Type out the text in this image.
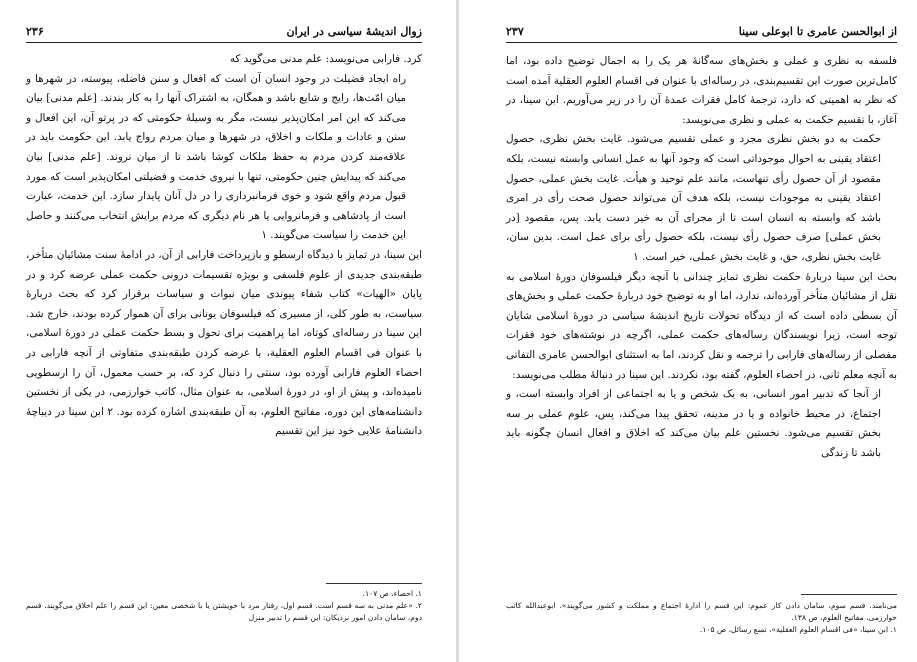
زوال اندیشهٔ سیاسی در ایران
۲۳۶

کرد. فارابی می‌نویسد: علم مدنی می‌گوید که

راه ایجاد فضیلت در وجود انسان آن است که افعال و سنن فاضله، پیوسته، در شهرها و میان امّت‌ها، رایج و شایع باشد و همگان، به اشتراک آنها را به کار بندند. [علم مدنی] بیان می‌کند که این امر امکان‌پذیر نیست، مگر به وسیلهٔ حکومتی که در پرتو آن، این افعال و سنن و عادات و ملکات و اخلاق، در شهرها و میان مردم رواج یابد. این حکومت باید در علاقه‌مند کردن مردم به حفظ ملکات کوشا باشد تا از میان نروند. [علم مدنی] بیان می‌کند که پیدایش چنین حکومتی، تنها با نیروی خدمت و فضیلتی امکان‌پذیر است که مورد قبول مردم واقع شود و خوی فرمانبرداری را در دل آنان پایدار سازد. این خدمت، عبارت است از پادشاهی و فرمانروایی یا هر نام دیگری که مردم برایش انتخاب می‌کنند و حاصل این خدمت را سیاست می‌گویند. ۱

این سینا، در تمایز با دیدگاه ارسطو و بازپرداخت فارابی از آن، در ادامهٔ سنت مشائیان متأخر، طبقه‌بندی جدیدی از علوم فلسفی و بویژه تقسیمات درونی حکمت عملی عرضه کرد و در پایان «الهیات» کتاب شفاء پیوندی میان نبوات و سیاسات برقرار کرد که بحث دربارهٔ سیاست، به طور کلی، از مسیری که فیلسوفان یونانی برای آن هموار کرده بودند، خارج شد. این سینا در رساله‌ای کوتاه، اما پراهمیت برای تحول و بسط حکمت عملی در دورهٔ اسلامی، با عنوان فی اقسام العلوم العقلیة، با عرضه کردن طبقه‌بندی متفاوتی از آنچه فارابی در احصاء العلوم فارابی آورده بود، سنتی را دنبال کرد که، بر حسب معمول، آن را ارسطویی نامیده‌اند، و پیش از او، در دورهٔ اسلامی، به عنوان مثال، کاتب خوارزمی، در یکی از نخستین دانشنامه‌های این دوره، مفاتیح العلوم، به آن طبقه‌بندی اشاره کرده بود. ۲ ابن سینا در دیباچهٔ دانشنامهٔ علایی خود نیز این تقسیم

۱. احصاء، ص ۱۰۷.
۲. «علم مدنی به سه قسم است. قسم اول، رفتار مرد با خویشتن یا با شخصی معین: این قسم را علم اخلاق می‌گویند. قسم دوم، سامان دادن امور نزدیکان: این قسم را تدبیر منزل
از ابوالحسن عامری تا ابوعلی سینا
۲۳۷

فلسفه به نظری و عملی و بخش‌های سه‌گانهٔ هر یک را به اجمال توضیح داده بود، اما کامل‌ترین صورت این تقسیم‌بندی، در رساله‌ای با عنوان فی اقسام العلوم العقلیة آمده است که نظر به اهمیتی که دارد، ترجمهٔ کامل فقرات عمدهٔ آن را در زیر می‌آوریم. ابن سینا، در آغاز، با تقسیم حکمت به عملی و نظری می‌نویسد:

حکمت به دو بخش نظری مجرد و عملی تقسیم می‌شود. غایت بخش نظری، حصول اعتقاد یقینی به احوال موجوداتی است که وجود آنها به عمل انسانی وابسته نیست، بلکه مقصود از آن حصول رأی تنهاست، مانند علم توحید و هیأت. غایت بخش عملی، حصول اعتقاد یقینی به موجودات نیست، بلکه هدف آن می‌تواند حصول صحت رأی در امری باشد که وابسته به انسان است تا از مجرای آن به خیر دست یابد. پس، مقصود [در بخش عملی] صرف حصول رأی نیست، بلکه حصول رأی برای عمل است. بدین سان، غایت بخش نظری، حق، و غایت بخش عملی، خیر است. ۱

بحث ابن سینا دربارهٔ حکمت نظری تمایز چندانی با آنچه دیگر فیلسوفان دورهٔ اسلامی به نقل از مشائیان متأخر آورده‌اند، ندارد، اما او به توضیح خود دربارهٔ حکمت عملی و بخش‌های آن بسطی داده است که از دیدگاه تحولات تاریخ اندیشهٔ سیاسی در دورهٔ اسلامی شایان توجه است، زیرا نویسندگان رساله‌های حکمت عملی، اگرچه در نوشته‌های خود فقرات مفصلی از رساله‌های فارابی را ترجمه و نقل کردند، اما به استثنای ابوالحسن عامری التفاتی به آنچه معلم ثانی، در احصاء العلوم، گفته بود، نکردند. این سینا در دنبالهٔ مطلب می‌نویسد:

از آنجا که تدبیر امور انسانی، به یک شخص و یا به اجتماعی از افراد وابسته است، و اجتماع، در محیط خانواده و یا در مدینه، تحقق پیدا می‌کند، پس، علوم عملی بر سه بخش تقسیم می‌شود. نخستین علم بیان می‌کند که اخلاق و افعال انسان چگونه باید باشد تا زندگی

می‌نامند. قسم سوم، سامان دادن کار عموم: این قسم را ادارهٔ اجتماع و مملکت و کشور می‌گویند». ابوعبدالله کاتب خوارزمی، مفاتیح العلوم، ص ۱۳۸.
۱. ابن سینا، «فی اقسام العلوم العقلیة»، تسع رسائل، ص ۱۰۵.
